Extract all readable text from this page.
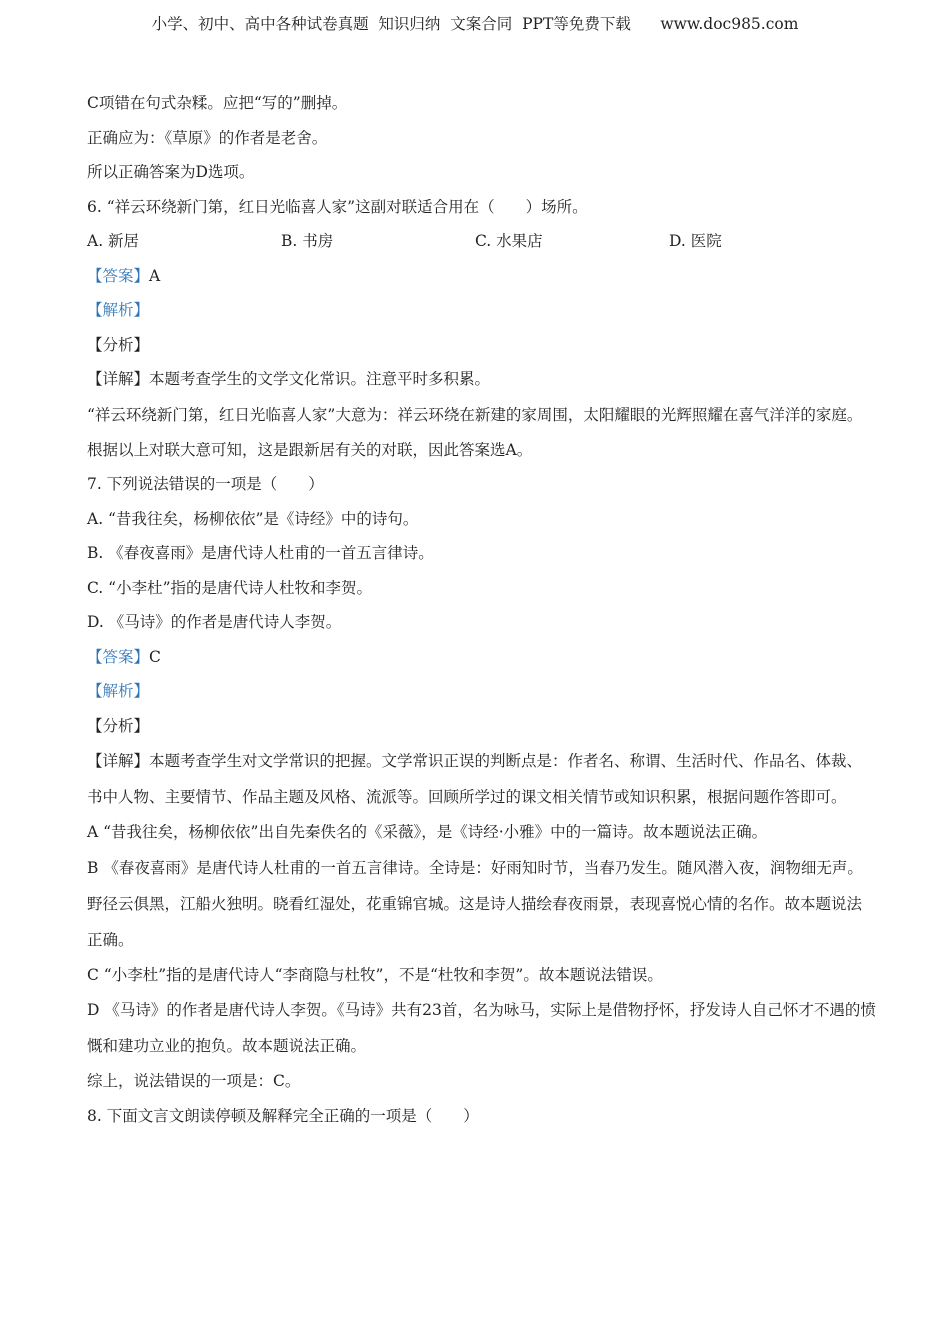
小学、初中、高中各种试卷真题  知识归纳  文案合同  PPT等免费下载      www.doc985.com
C项错在句式杂糅。应把“写的”删掉。
正确应为：《草原》的作者是老舍。
所以正确答案为D选项。
6. “祥云环绕新门第，红日光临喜人家”这副对联适合用在（　　）场所。
A. 新居	B. 书房	C. 水果店	D. 医院
【答案】A
【解析】
【分析】
【详解】本题考查学生的文学文化常识。注意平时多积累。
“祥云环绕新门第，红日光临喜人家”大意为：祥云环绕在新建的家周围，太阳耀眼的光辉照耀在喜气洋洋的家庭。
根据以上对联大意可知，这是跟新居有关的对联，因此答案选A。
7. 下列说法错误的一项是（　　）
A. “昔我往矣，杨柳依依”是《诗经》中的诗句。
B. 《春夜喜雨》是唐代诗人杜甫的一首五言律诗。
C. “小李杜”指的是唐代诗人杜牧和李贺。
D. 《马诗》的作者是唐代诗人李贺。
【答案】C
【解析】
【分析】
【详解】本题考查学生对文学常识的把握。文学常识正误的判断点是：作者名、称谓、生活时代、作品名、体裁、书中人物、主要情节、作品主题及风格、流派等。回顾所学过的课文相关情节或知识积累，根据问题作答即可。
A “昔我往矣，杨柳依依”出自先秦佚名的《采薇》，是《诗经·小雅》中的一篇诗。故本题说法正确。
B 《春夜喜雨》是唐代诗人杜甫的一首五言律诗。全诗是：好雨知时节，当春乃发生。随风潜入夜，润物细无声。野径云俱黑，江船火独明。晓看红湿处，花重锦官城。这是诗人描绘春夜雨景，表现喜悦心情的名作。故本题说法正确。
C “小李杜”指的是唐代诗人“李商隐与杜牧”，不是“杜牧和李贺”。故本题说法错误。
D 《马诗》的作者是唐代诗人李贺。《马诗》共有23首，名为咏马，实际上是借物抒怀，抒发诗人自己怀才不遇的愤慨和建功立业的抱负。故本题说法正确。
综上，说法错误的一项是：C。
8. 下面文言文朗读停顿及解释完全正确的一项是（　　）
